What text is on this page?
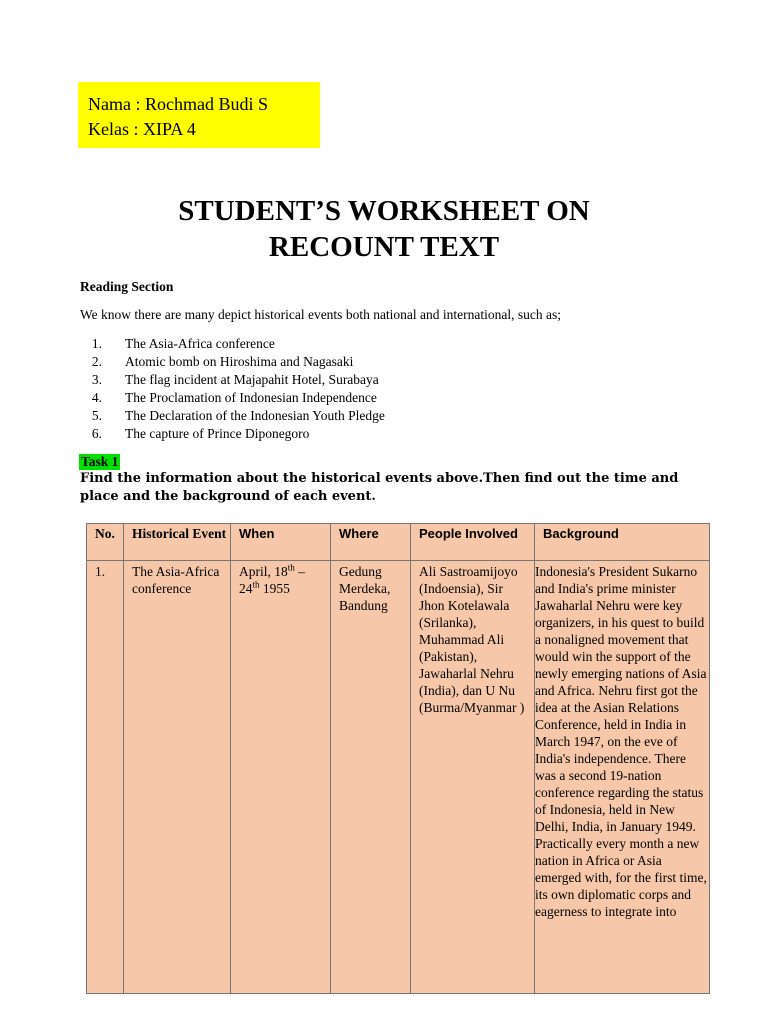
Nama : Rochmad Budi S
Kelas : XIPA 4
STUDENT’S WORKSHEET ON
RECOUNT TEXT
Reading Section
We know there are many depict historical events both national and international, such as;
1. The Asia-Africa conference
2. Atomic bomb on Hiroshima and Nagasaki
3. The flag incident at Majapahit Hotel, Surabaya
4. The Proclamation of Indonesian Independence
5. The Declaration of the Indonesian Youth Pledge
6. The capture of Prince Diponegoro
Task 1
Find the information about the historical events above.Then find out the time and place and the background of each event.
No.	Historical Event	When	Where	People Involved	Background
1.	The Asia-Africa conference	April, 18th – 24th 1955	Gedung Merdeka, Bandung	Ali Sastroamijoyo (Indoensia), Sir Jhon Kotelawala (Srilanka), Muhammad Ali (Pakistan), Jawaharlal Nehru (India), dan U Nu (Burma/Myanmar )	Indonesia's President Sukarno and India's prime minister Jawaharlal Nehru were key organizers, in his quest to build a nonaligned movement that would win the support of the newly emerging nations of Asia and Africa. Nehru first got the idea at the Asian Relations Conference, held in India in March 1947, on the eve of India's independence. There was a second 19-nation conference regarding the status of Indonesia, held in New Delhi, India, in January 1949. Practically every month a new nation in Africa or Asia emerged with, for the first time, its own diplomatic corps and eagerness to integrate into
